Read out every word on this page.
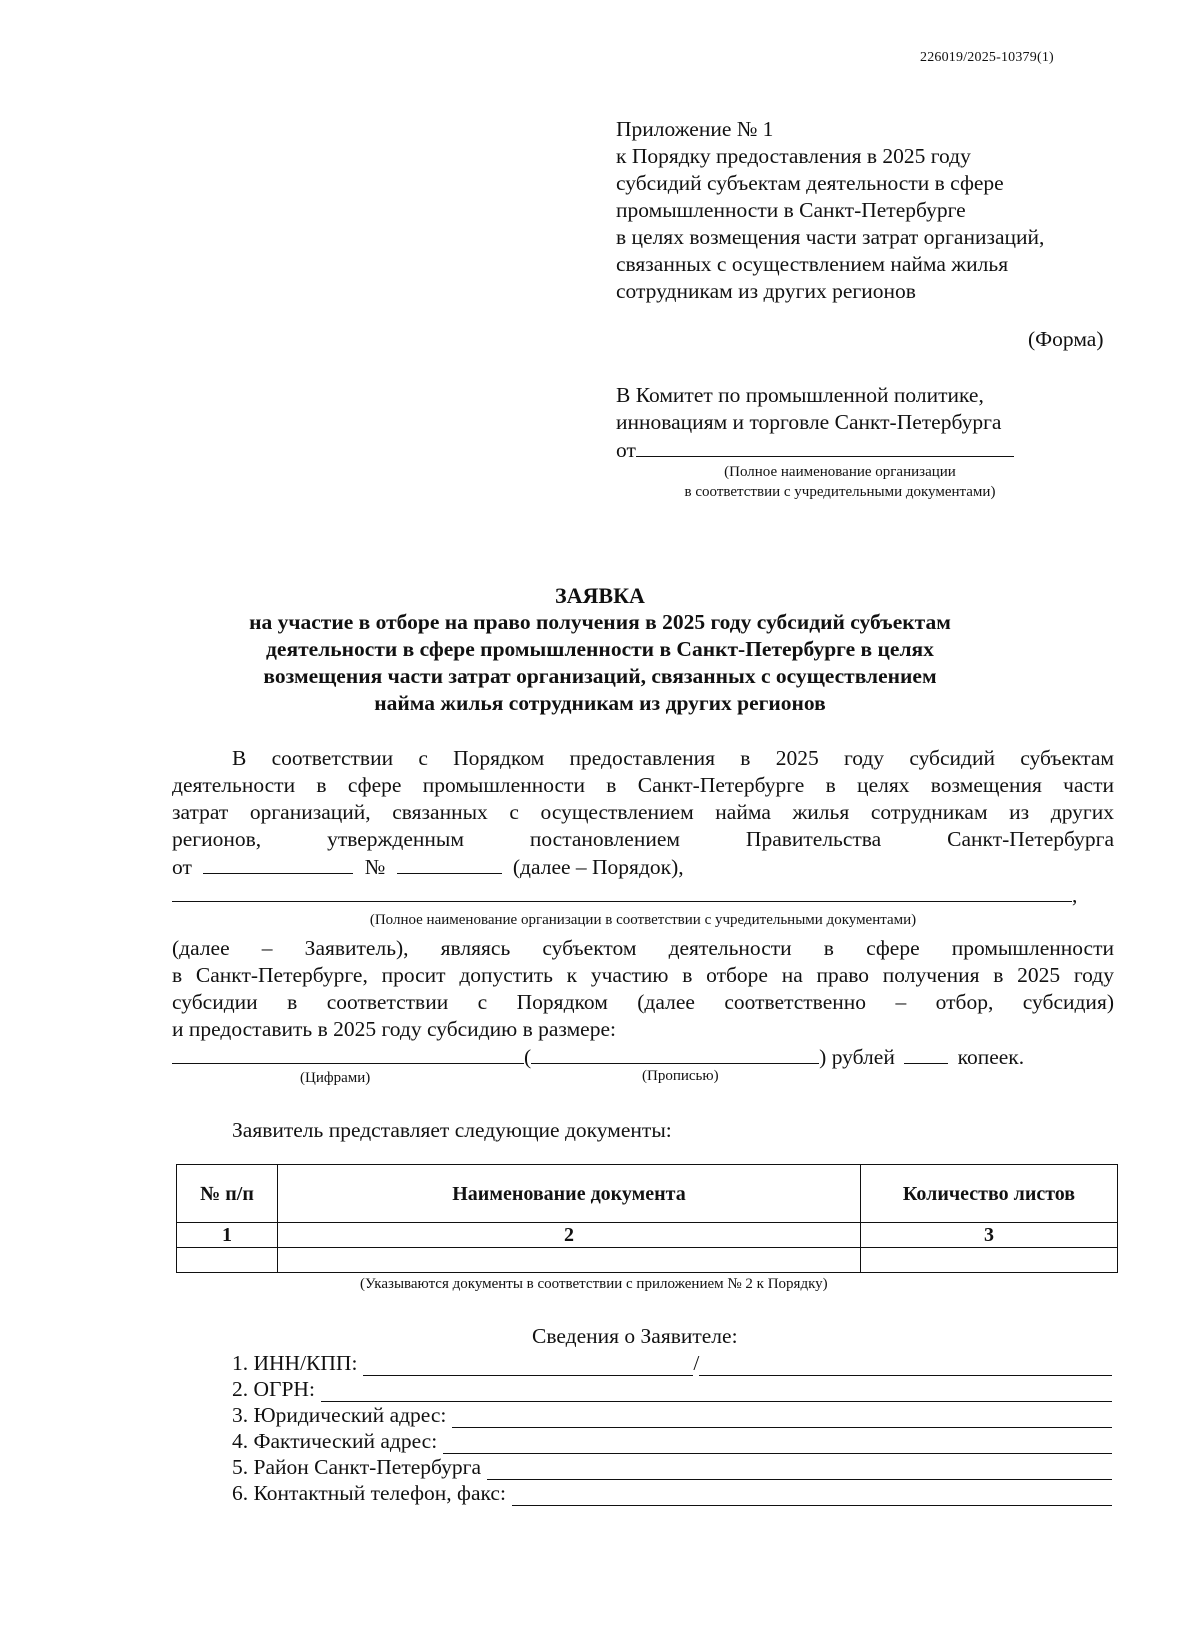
226019/2025-10379(1)
Приложение № 1
к Порядку предоставления в 2025 году
субсидий субъектам деятельности в сфере
промышленности в Санкт-Петербурге
в целях возмещения части затрат организаций,
связанных с осуществлением найма жилья
сотрудникам из других регионов
(Форма)
В Комитет по промышленной политике,
инновациям и торговле Санкт-Петербурга
от
(Полное наименование организации
в соответствии с учредительными документами)
ЗАЯВКА
на участие в отборе на право получения в 2025 году субсидий субъектам
деятельности в сфере промышленности в Санкт-Петербурге в целях
возмещения части затрат организаций, связанных с осуществлением
найма жилья сотрудникам из других регионов
В соответствии с Порядком предоставления в 2025 году субсидий субъектам
деятельности в сфере промышленности в Санкт-Петербурге в целях возмещения части
затрат организаций, связанных с осуществлением найма жилья сотрудникам из других
регионов, утвержденным постановлением Правительства Санкт-Петербурга
от	№	(далее – Порядок),
,
(Полное наименование организации в соответствии с учредительными документами)
(далее – Заявитель), являясь субъектом деятельности в сфере промышленности
в Санкт-Петербурге, просит допустить к участию в отборе на право получения в 2025 году
субсидии в соответствии с Порядком (далее соответственно – отбор, субсидия)
и предоставить в 2025 году субсидию в размере:
(	) рублей	копеек.
(Цифрами)	(Прописью)
Заявитель представляет следующие документы:
№ п/п	Наименование документа	Количество листов
1	2	3

(Указываются документы в соответствии с приложением № 2 к Порядку)
Сведения о Заявителе:
1. ИНН/КПП:	/
2. ОГРН:
3. Юридический адрес:
4. Фактический адрес:
5. Район Санкт-Петербурга
6. Контактный телефон, факс:
